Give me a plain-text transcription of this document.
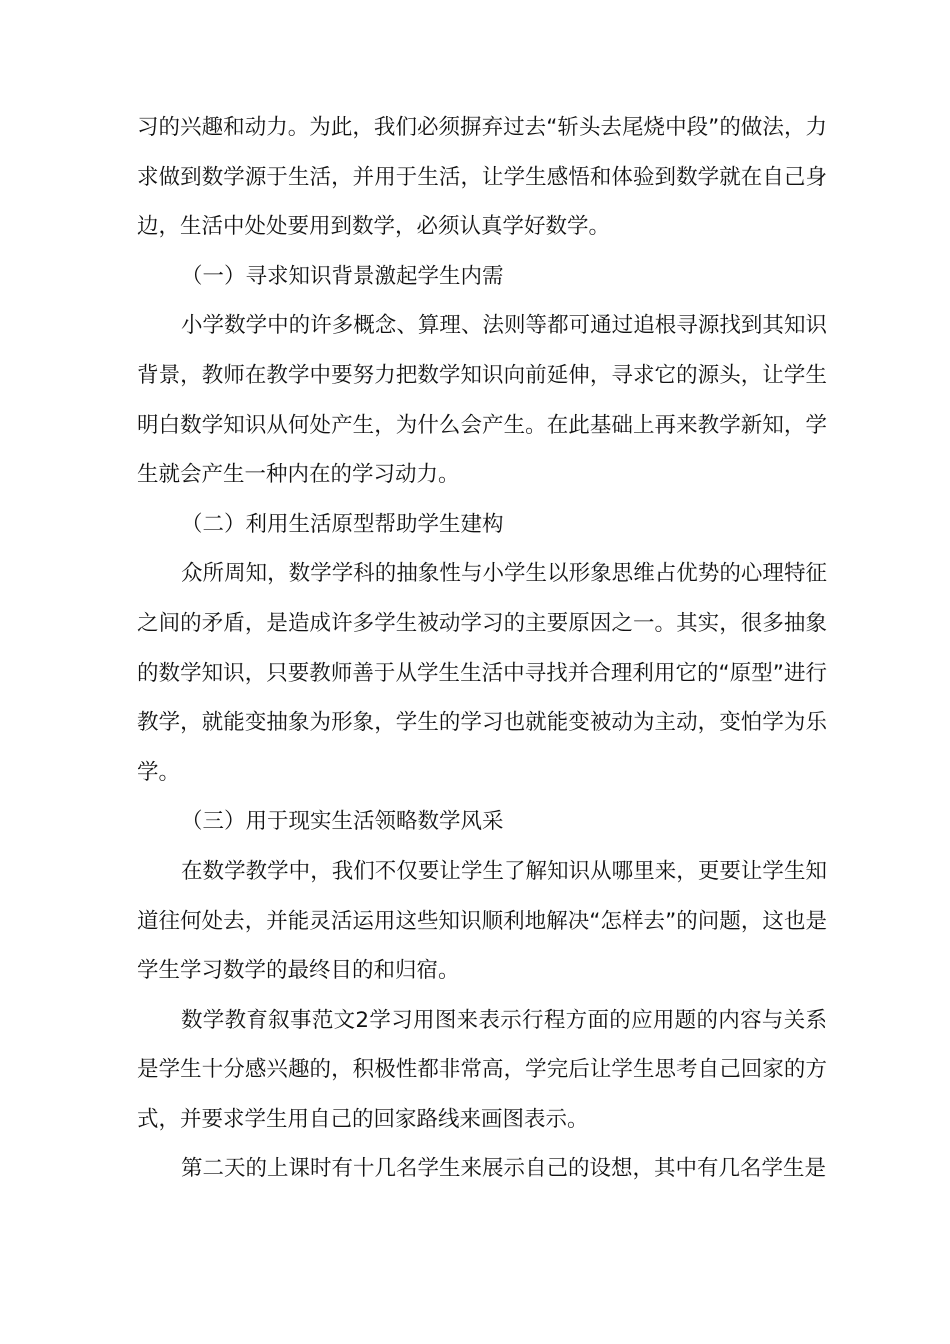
习的兴趣和动力。为此，我们必须摒弃过去“斩头去尾烧中段”的做法，力求做到数学源于生活，并用于生活，让学生感悟和体验到数学就在自己身边，生活中处处要用到数学，必须认真学好数学。

（一）寻求知识背景激起学生内需

小学数学中的许多概念、算理、法则等都可通过追根寻源找到其知识背景，教师在教学中要努力把数学知识向前延伸，寻求它的源头，让学生明白数学知识从何处产生，为什么会产生。在此基础上再来教学新知，学生就会产生一种内在的学习动力。

（二）利用生活原型帮助学生建构

众所周知，数学学科的抽象性与小学生以形象思维占优势的心理特征之间的矛盾，是造成许多学生被动学习的主要原因之一。其实，很多抽象的数学知识，只要教师善于从学生生活中寻找并合理利用它的“原型”进行教学，就能变抽象为形象，学生的学习也就能变被动为主动，变怕学为乐学。

（三）用于现实生活领略数学风采

在数学教学中，我们不仅要让学生了解知识从哪里来，更要让学生知道往何处去，并能灵活运用这些知识顺利地解决“怎样去”的问题，这也是学生学习数学的最终目的和归宿。

数学教育叙事范文2学习用图来表示行程方面的应用题的内容与关系是学生十分感兴趣的，积极性都非常高，学完后让学生思考自己回家的方式，并要求学生用自己的回家路线来画图表示。

第二天的上课时有十几名学生来展示自己的设想，其中有几名学生是
